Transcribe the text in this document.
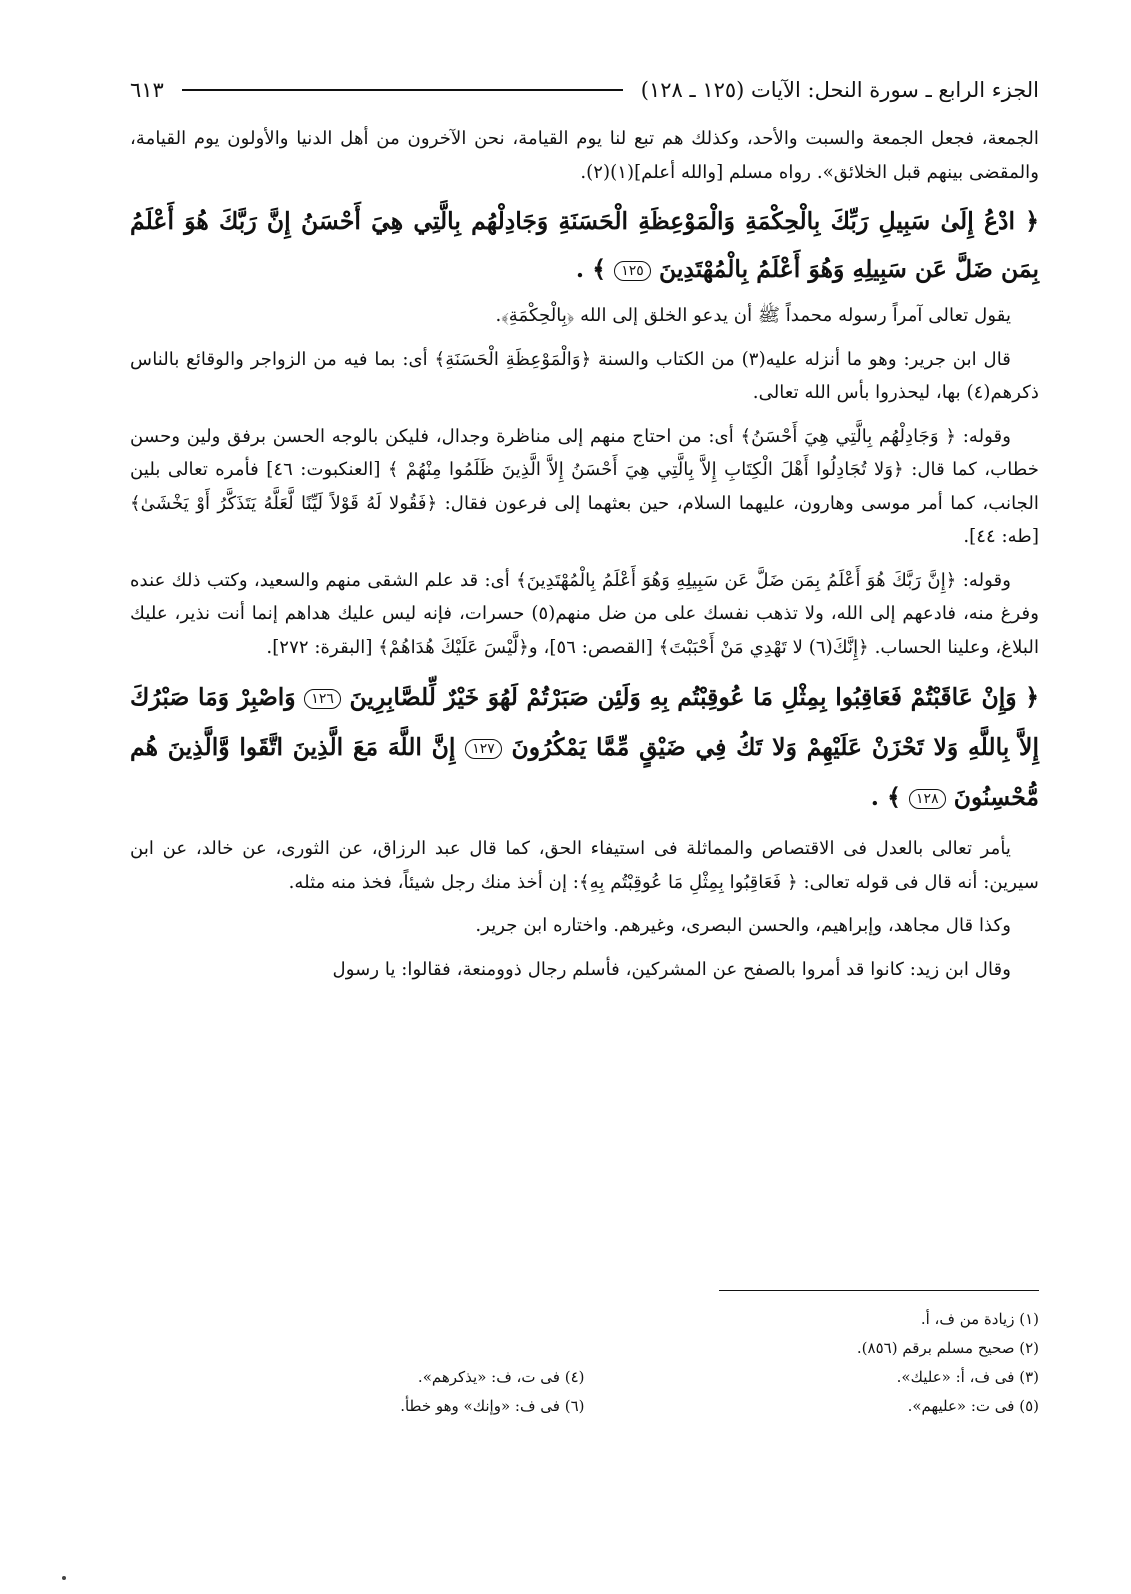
الجزء الرابع ـ سورة النحل: الآيات (١٢٥ ـ ١٢٨)
٦١٣

الجمعة، فجعل الجمعة والسبت والأحد، وكذلك هم تبع لنا يوم القيامة، نحن الآخرون من أهل الدنيا والأولون يوم القيامة، والمقضى بينهم قبل الخلائق». رواه مسلم [والله أعلم](١)(٢).

﴿ ادْعُ إِلَىٰ سَبِيلِ رَبِّكَ بِالْحِكْمَةِ وَالْمَوْعِظَةِ الْحَسَنَةِ وَجَادِلْهُم بِالَّتِي هِيَ أَحْسَنُ إِنَّ رَبَّكَ هُوَ أَعْلَمُ بِمَن ضَلَّ عَن سَبِيلِهِ وَهُوَ أَعْلَمُ بِالْمُهْتَدِينَ ١٢٥ ﴾ .

يقول تعالى آمراً رسوله محمداً ﷺ أن يدعو الخلق إلى الله ﴿بِالْحِكْمَةِ﴾.

قال ابن جرير: وهو ما أنزله عليه(٣) من الكتاب والسنة ﴿وَالْمَوْعِظَةِ الْحَسَنَةِ﴾ أى: بما فيه من الزواجر والوقائع بالناس ذكرهم(٤) بها، ليحذروا بأس الله تعالى.

وقوله: ﴿ وَجَادِلْهُم بِالَّتِي هِيَ أَحْسَنُ﴾ أى: من احتاج منهم إلى مناظرة وجدال، فليكن بالوجه الحسن برفق ولين وحسن خطاب، كما قال: ﴿وَلا تُجَادِلُوا أَهْلَ الْكِتَابِ إِلاَّ بِالَّتِي هِيَ أَحْسَنُ إِلاَّ الَّذِينَ ظَلَمُوا مِنْهُمْ ﴾ [العنكبوت: ٤٦] فأمره تعالى بلين الجانب، كما أمر موسى وهارون، عليهما السلام، حين بعثهما إلى فرعون فقال: ﴿فَقُولا لَهُ قَوْلاً لَيِّنًا لَّعَلَّهُ يَتَذَكَّرُ أَوْ يَخْشَىٰ﴾ [طه: ٤٤].

وقوله: ﴿إِنَّ رَبَّكَ هُوَ أَعْلَمُ بِمَن ضَلَّ عَن سَبِيلِهِ وَهُوَ أَعْلَمُ بِالْمُهْتَدِينَ﴾ أى: قد علم الشقى منهم والسعيد، وكتب ذلك عنده وفرغ منه، فادعهم إلى الله، ولا تذهب نفسك على من ضل منهم(٥) حسرات، فإنه ليس عليك هداهم إنما أنت نذير، عليك البلاغ، وعلينا الحساب. ﴿إِنَّكَ(٦) لا تَهْدِي مَنْ أَحْبَبْتَ﴾ [القصص: ٥٦]، و﴿لَّيْسَ عَلَيْكَ هُدَاهُمْ﴾ [البقرة: ٢٧٢].

﴿ وَإِنْ عَاقَبْتُمْ فَعَاقِبُوا بِمِثْلِ مَا عُوقِبْتُم بِهِ وَلَئِن صَبَرْتُمْ لَهُوَ خَيْرٌ لِّلصَّابِرِينَ ١٢٦ وَاصْبِرْ وَمَا صَبْرُكَ إِلاَّ بِاللَّهِ وَلا تَحْزَنْ عَلَيْهِمْ وَلا تَكُ فِي ضَيْقٍ مِّمَّا يَمْكُرُونَ ١٢٧ إِنَّ اللَّهَ مَعَ الَّذِينَ اتَّقَوا وَّالَّذِينَ هُم مُّحْسِنُونَ ١٢٨ ﴾ .

يأمر تعالى بالعدل فى الاقتصاص والمماثلة فى استيفاء الحق، كما قال عبد الرزاق، عن الثورى، عن خالد، عن ابن سيرين: أنه قال فى قوله تعالى: ﴿ فَعَاقِبُوا بِمِثْلِ مَا عُوقِبْتُم بِهِ﴾: إن أخذ منك رجل شيئاً، فخذ منه مثله.

وكذا قال مجاهد، وإبراهيم، والحسن البصرى، وغيرهم. واختاره ابن جرير.

وقال ابن زيد: كانوا قد أمروا بالصفح عن المشركين، فأسلم رجال ذوومنعة، فقالوا: يا رسول

(١) زيادة من ف، أ.
(٢) صحيح مسلم برقم (٨٥٦).
(٣) فى ف، أ: «عليك».
(٤) فى ت، ف: «يذكرهم».
(٥) فى ت: «عليهم».
(٦) فى ف: «وإنك» وهو خطأ.
